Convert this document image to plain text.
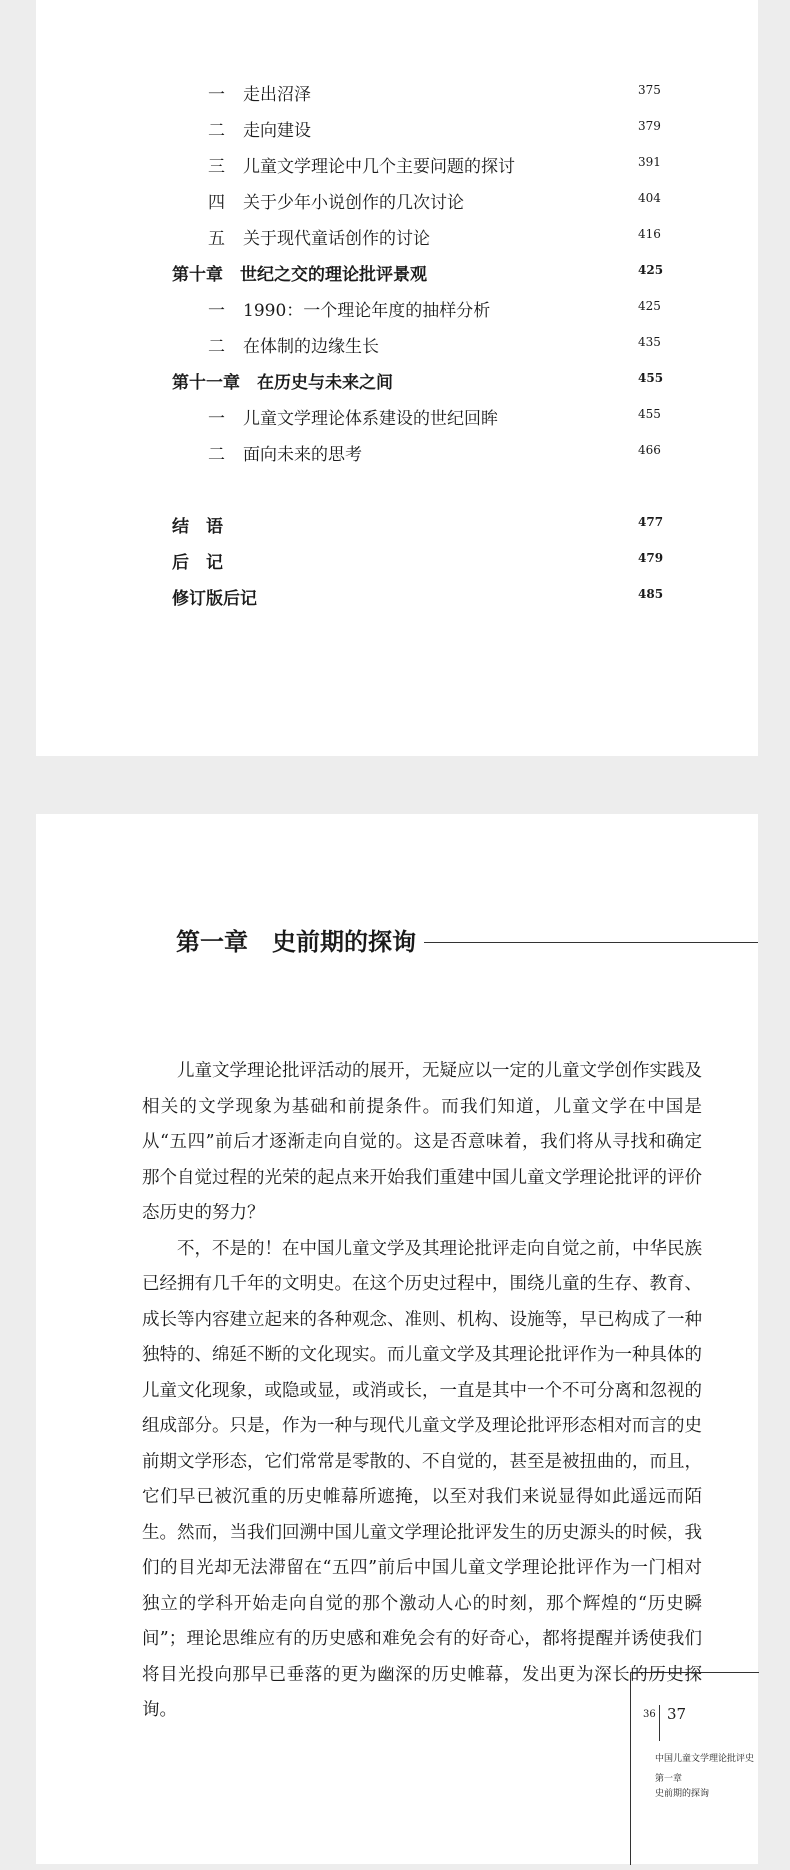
一 走出沼泽	375
二 走向建设	379
三 儿童文学理论中几个主要问题的探讨	391
四 关于少年小说创作的几次讨论	404
五 关于现代童话创作的讨论	416
第十章　世纪之交的理论批评景观	425
一 1990：一个理论年度的抽样分析	425
二 在体制的边缘生长	435
第十一章　在历史与未来之间	455
一 儿童文学理论体系建设的世纪回眸	455
二 面向未来的思考	466
结　语	477
后　记	479
修订版后记	485
第一章　史前期的探询

儿童文学理论批评活动的展开，无疑应以一定的儿童文学创作实践及相关的文学现象为基础和前提条件。而我们知道，儿童文学在中国是从“五四”前后才逐渐走向自觉的。这是否意味着，我们将从寻找和确定那个自觉过程的光荣的起点来开始我们重建中国儿童文学理论批评的评价态历史的努力？

不，不是的！在中国儿童文学及其理论批评走向自觉之前，中华民族已经拥有几千年的文明史。在这个历史过程中，围绕儿童的生存、教育、成长等内容建立起来的各种观念、准则、机构、设施等，早已构成了一种独特的、绵延不断的文化现实。而儿童文学及其理论批评作为一种具体的儿童文化现象，或隐或显，或消或长，一直是其中一个不可分离和忽视的组成部分。只是，作为一种与现代儿童文学及理论批评形态相对而言的史前期文学形态，它们常常是零散的、不自觉的，甚至是被扭曲的，而且，它们早已被沉重的历史帷幕所遮掩，以至对我们来说显得如此遥远而陌生。然而，当我们回溯中国儿童文学理论批评发生的历史源头的时候，我们的目光却无法滞留在“五四”前后中国儿童文学理论批评作为一门相对独立的学科开始走向自觉的那个激动人心的时刻，那个辉煌的“历史瞬间”；理论思维应有的历史感和难免会有的好奇心，都将提醒并诱使我们将目光投向那早已垂落的更为幽深的历史帷幕，发出更为深长的历史探询。	36 37
中国儿童文学理论批评史
第一章
史前期的探询
